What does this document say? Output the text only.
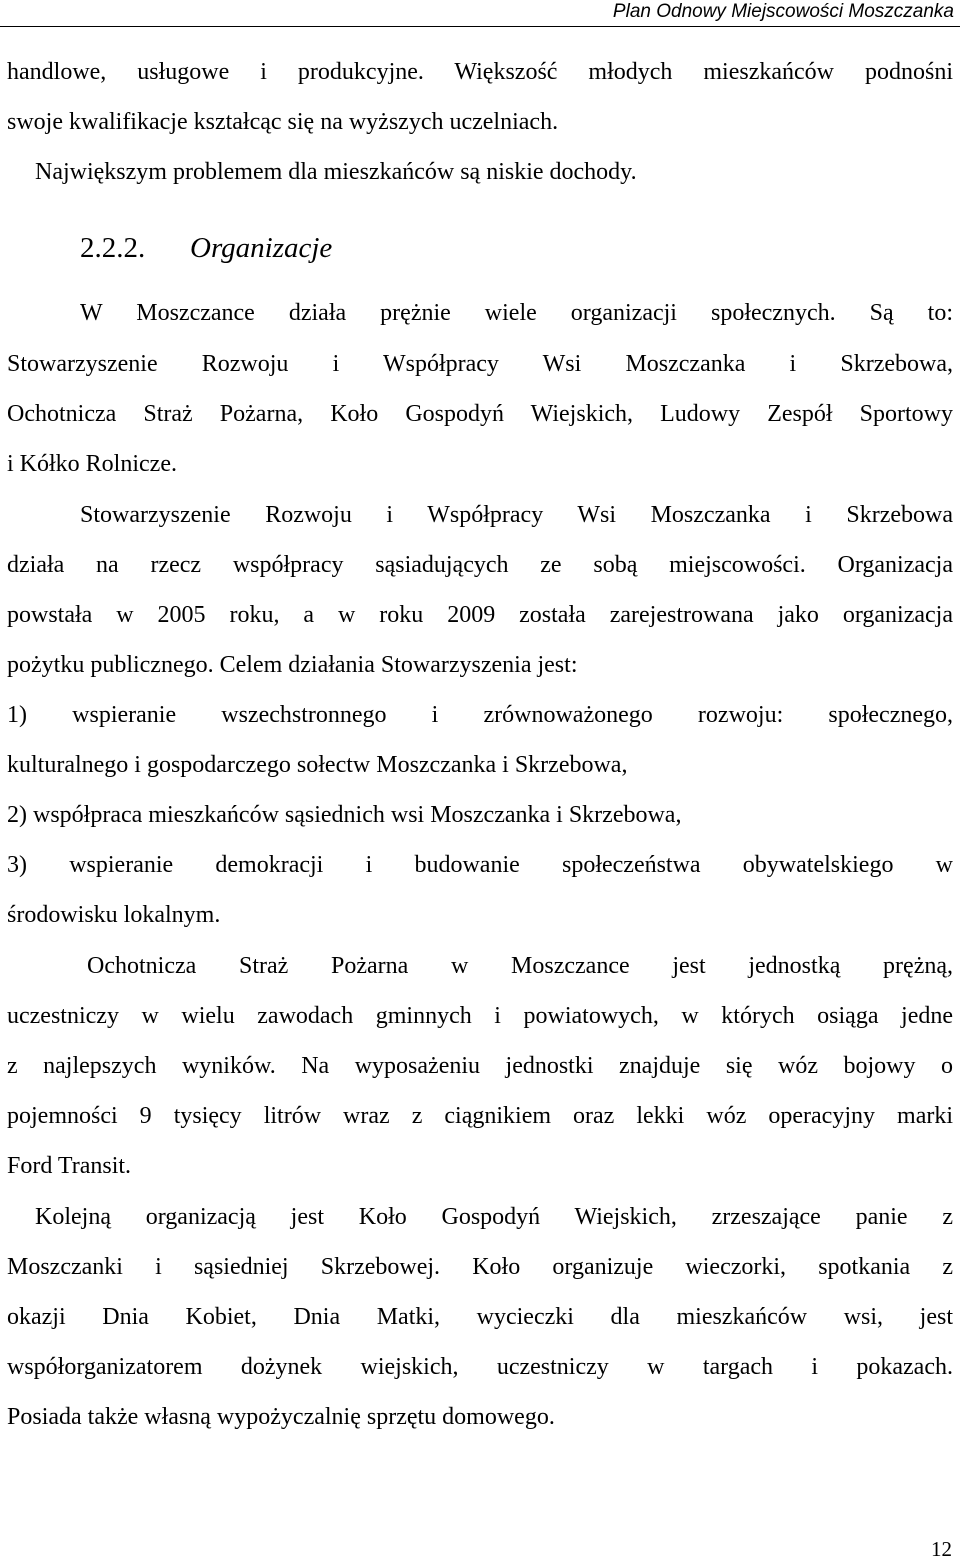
Plan Odnowy Miejscowości Moszczanka
handlowe, usługowe i produkcyjne. Większość młodych mieszkańców podnośni
swoje kwalifikacje kształcąc się na wyższych uczelniach.
Największym problemem dla mieszkańców są niskie dochody.
2.2.2. Organizacje
W Moszczance działa prężnie wiele organizacji społecznych. Są to:
Stowarzyszenie Rozwoju i Współpracy Wsi Moszczanka i Skrzebowa,
Ochotnicza Straż Pożarna, Koło Gospodyń Wiejskich, Ludowy Zespół Sportowy
i Kółko Rolnicze.
Stowarzyszenie Rozwoju i Współpracy Wsi Moszczanka i Skrzebowa
działa na rzecz współpracy sąsiadujących ze sobą miejscowości. Organizacja
powstała w 2005 roku, a w roku 2009 została zarejestrowana jako organizacja
pożytku publicznego. Celem działania Stowarzyszenia jest:
1) wspieranie wszechstronnego i zrównoważonego rozwoju: społecznego,
kulturalnego i gospodarczego sołectw Moszczanka i Skrzebowa,
2) współpraca mieszkańców sąsiednich wsi Moszczanka i Skrzebowa,
3) wspieranie demokracji i budowanie społeczeństwa obywatelskiego w
środowisku lokalnym.
Ochotnicza Straż Pożarna w Moszczance jest jednostką prężną,
uczestniczy w wielu zawodach gminnych i powiatowych, w których osiąga jedne
z najlepszych wyników. Na wyposażeniu jednostki znajduje się wóz bojowy o
pojemności 9 tysięcy litrów wraz z ciągnikiem oraz lekki wóz operacyjny marki
Ford Transit.
Kolejną organizacją jest Koło Gospodyń Wiejskich, zrzeszające panie z
Moszczanki i sąsiedniej Skrzebowej. Koło organizuje wieczorki, spotkania z
okazji Dnia Kobiet, Dnia Matki, wycieczki dla mieszkańców wsi, jest
współorganizatorem dożynek wiejskich, uczestniczy w targach i pokazach.
Posiada także własną wypożyczalnię sprzętu domowego.
12
